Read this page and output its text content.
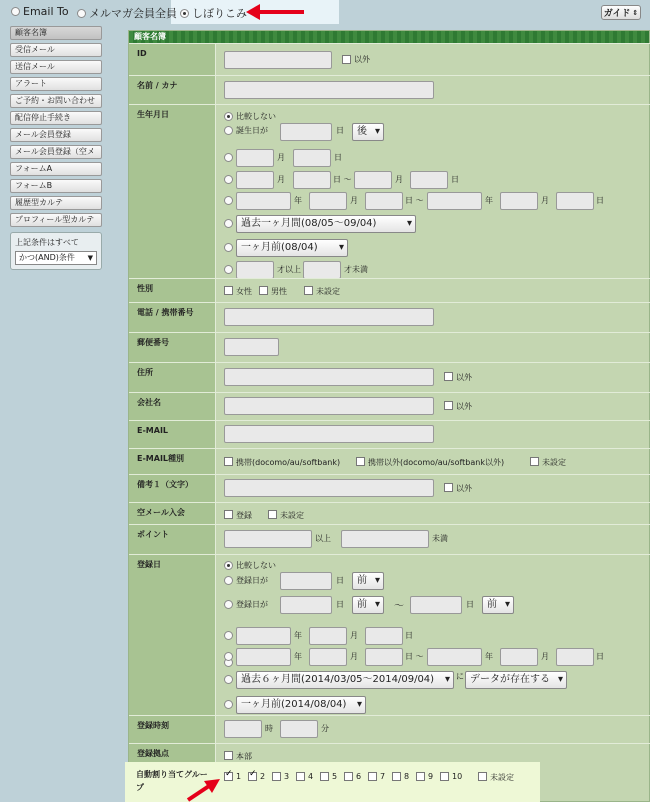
Email To メルマガ会員全員 しぼりこみ	ガイド ⇕
顧客名簿
受信メール
送信メール
アラート
ご予約・お問い合わせ
配信停止手続き
メール会員登録
メール会員登録（空メ
フォームA
フォームB
履歴型カルテ
プロフィール型カルテ
上記条件はすべて
かつ(AND)条件 ▼
顧客名簿
ID
以外
名前 / カナ
生年月日	比較しない
誕生日が	日	後 ▾
月	日
月	日 ～	月	日
年	月	日 ～	年	月	日
過去一ヶ月間(08/05～09/04) ▾
一ヶ月前(08/04) ▾
才以上	才未満
性別	女性 男性	未設定
電話 / 携帯番号
郵便番号
住所
以外
会社名	以外
E-MAIL
E-MAIL種別	携帯(docomo/au/softbank)	携帯以外(docomo/au/softbank以外)	未設定
備考１（文字）	以外
空メール入会	登録	未設定
ポイント	以上	未満
登録日	比較しない
登録日が	日	前 ▾
登録日が	日	前 ▾	～	日	前 ▾
年	月	日
年	月	日 ～	年	月	日
過去６ヶ月間(2014/03/05～2014/09/04) ▾	に データが存在する ▾
一ヶ月前(2014/08/04) ▾
登録時刻	時	分
登録拠点	本部
自動割り当てグループ
✓
1
✓ 2 3 4 5 6 7 8 9 10	未設定
